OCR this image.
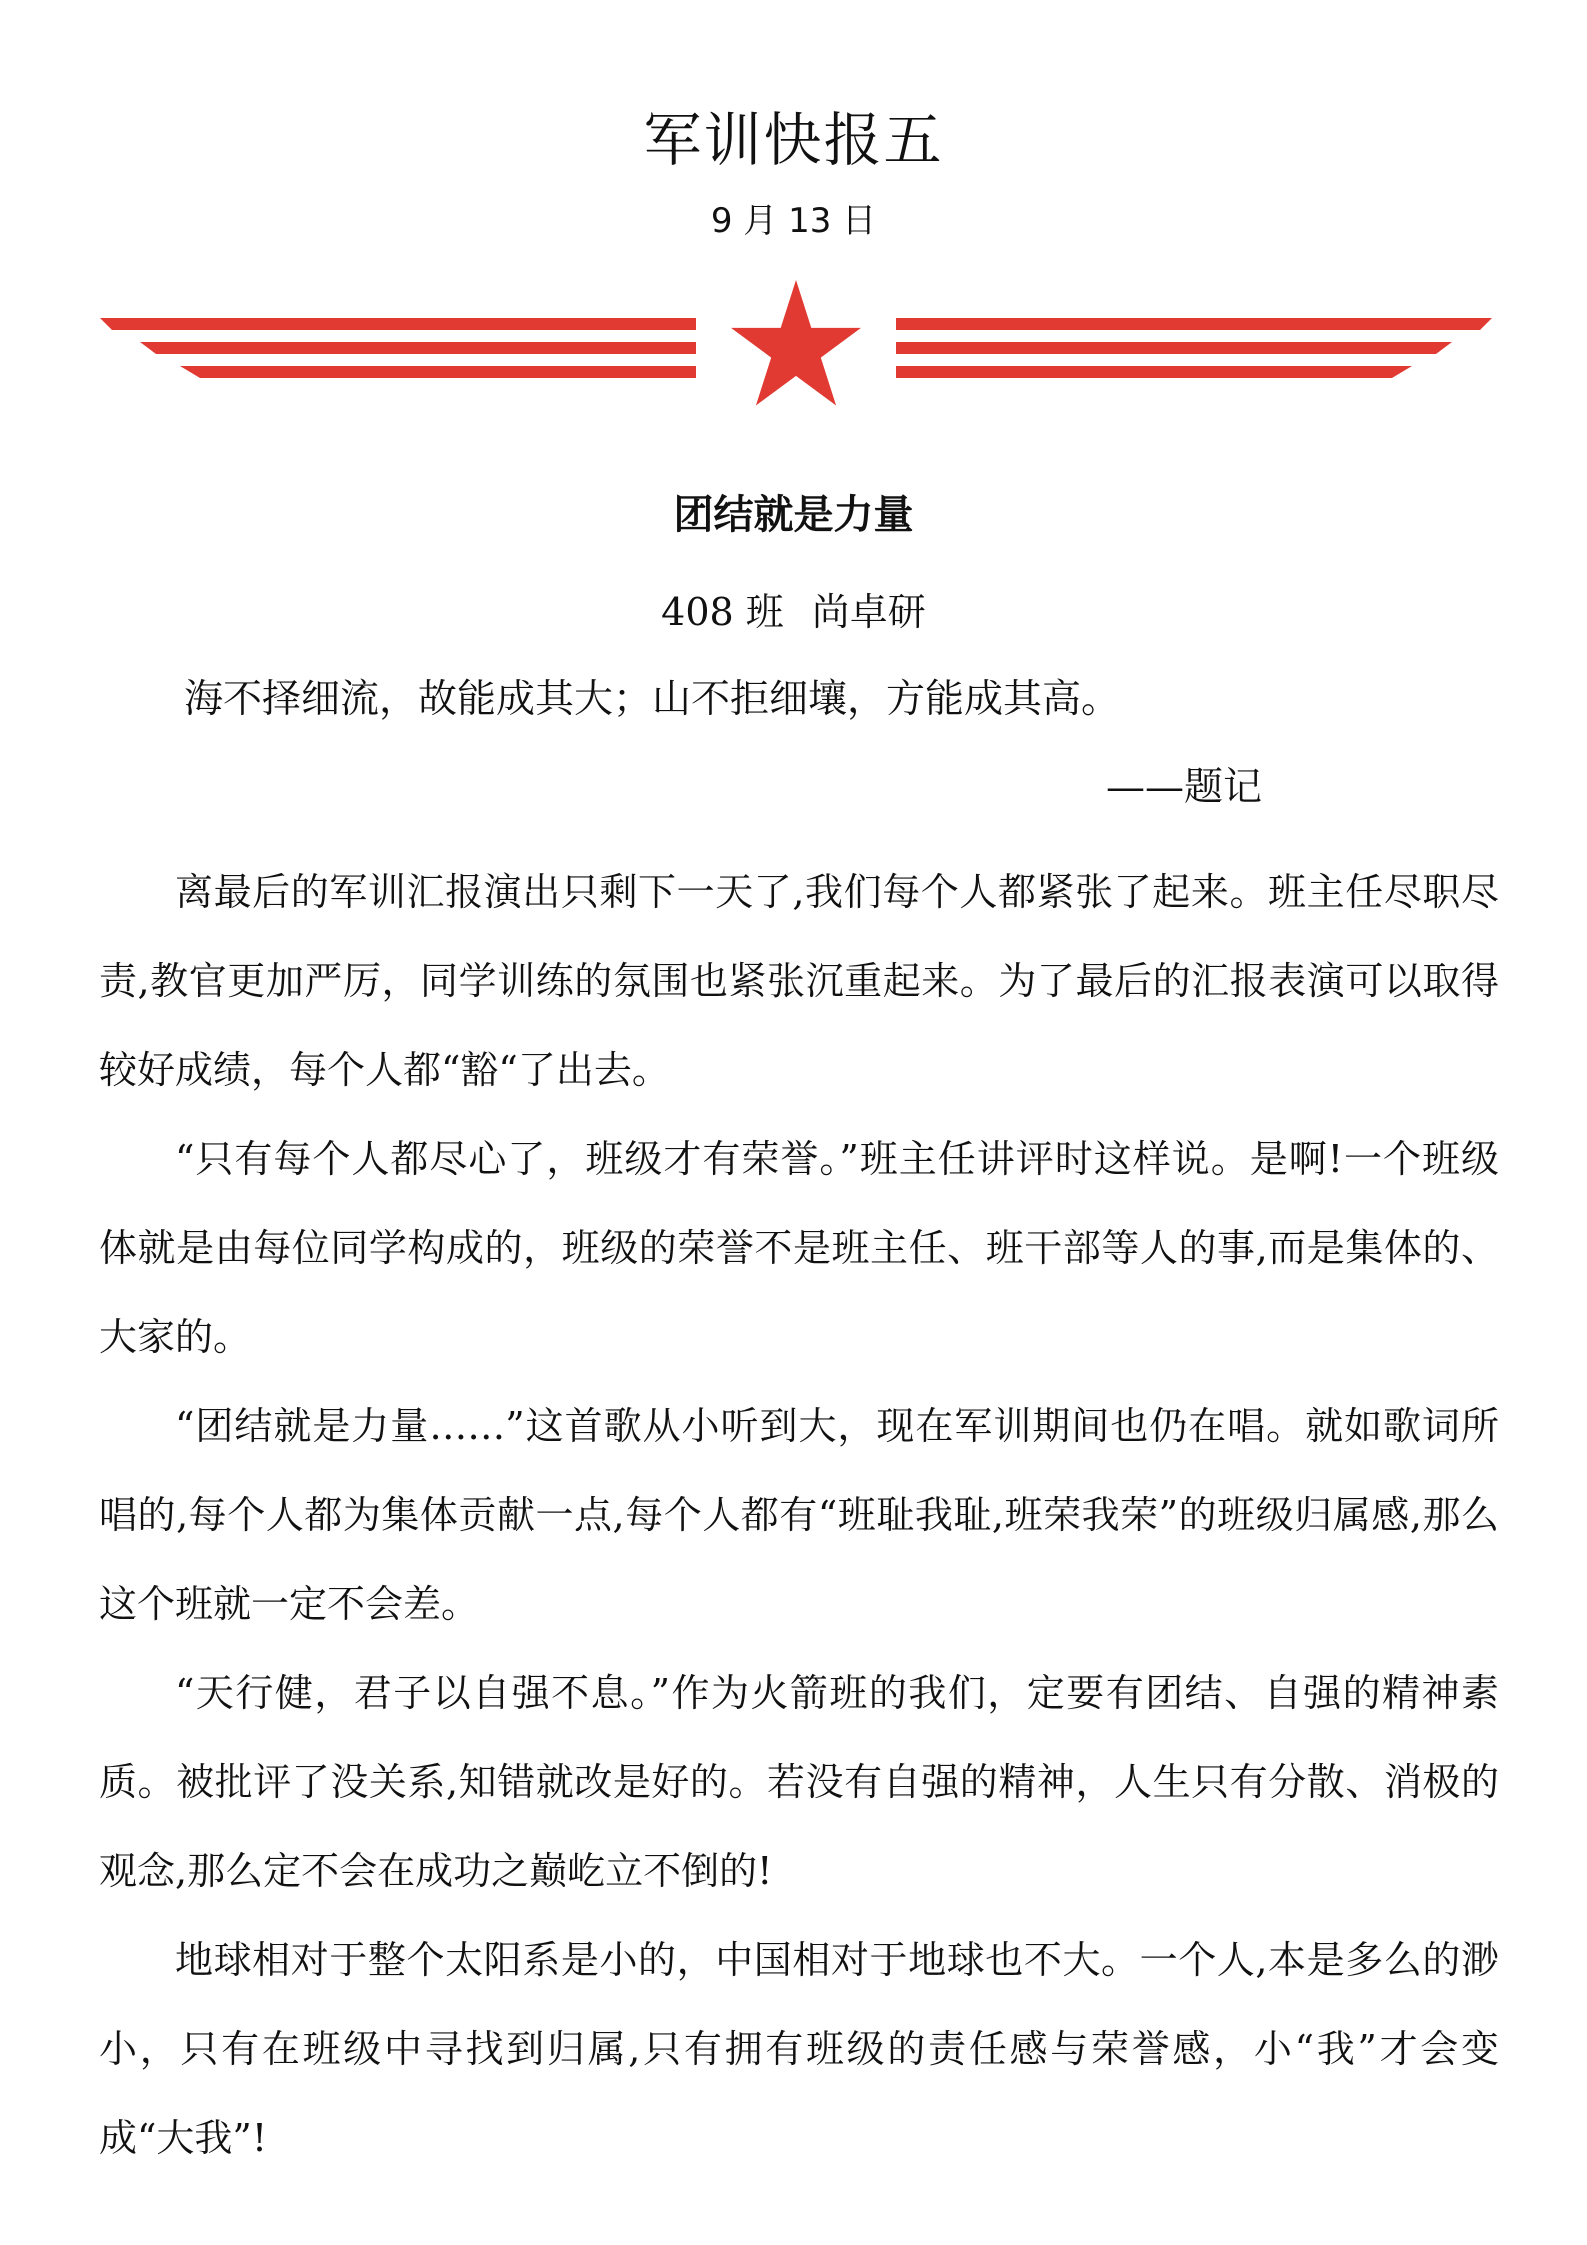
军训快报五
9 月 13 日
团结就是力量
408 班 尚卓研
海不择细流，故能成其大；山不拒细壤，方能成其高。
——题记

离最后的军训汇报演出只剩下一天了,我们每个人都紧张了起来。班主任尽职尽责,教官更加严厉，同学训练的氛围也紧张沉重起来。为了最后的汇报表演可以取得较好成绩，每个人都“豁“了出去。

“只有每个人都尽心了，班级才有荣誉。”班主任讲评时这样说。是啊!一个班级体就是由每位同学构成的，班级的荣誉不是班主任、班干部等人的事,而是集体的、大家的。

“团结就是力量……”这首歌从小听到大，现在军训期间也仍在唱。就如歌词所唱的,每个人都为集体贡献一点,每个人都有“班耻我耻,班荣我荣”的班级归属感,那么这个班就一定不会差。

“天行健，君子以自强不息。”作为火箭班的我们，定要有团结、自强的精神素质。被批评了没关系,知错就改是好的。若没有自强的精神，人生只有分散、消极的观念,那么定不会在成功之巅屹立不倒的!

地球相对于整个太阳系是小的，中国相对于地球也不大。一个人,本是多么的渺小，只有在班级中寻找到归属,只有拥有班级的责任感与荣誉感，小“我”才会变成“大我”!
